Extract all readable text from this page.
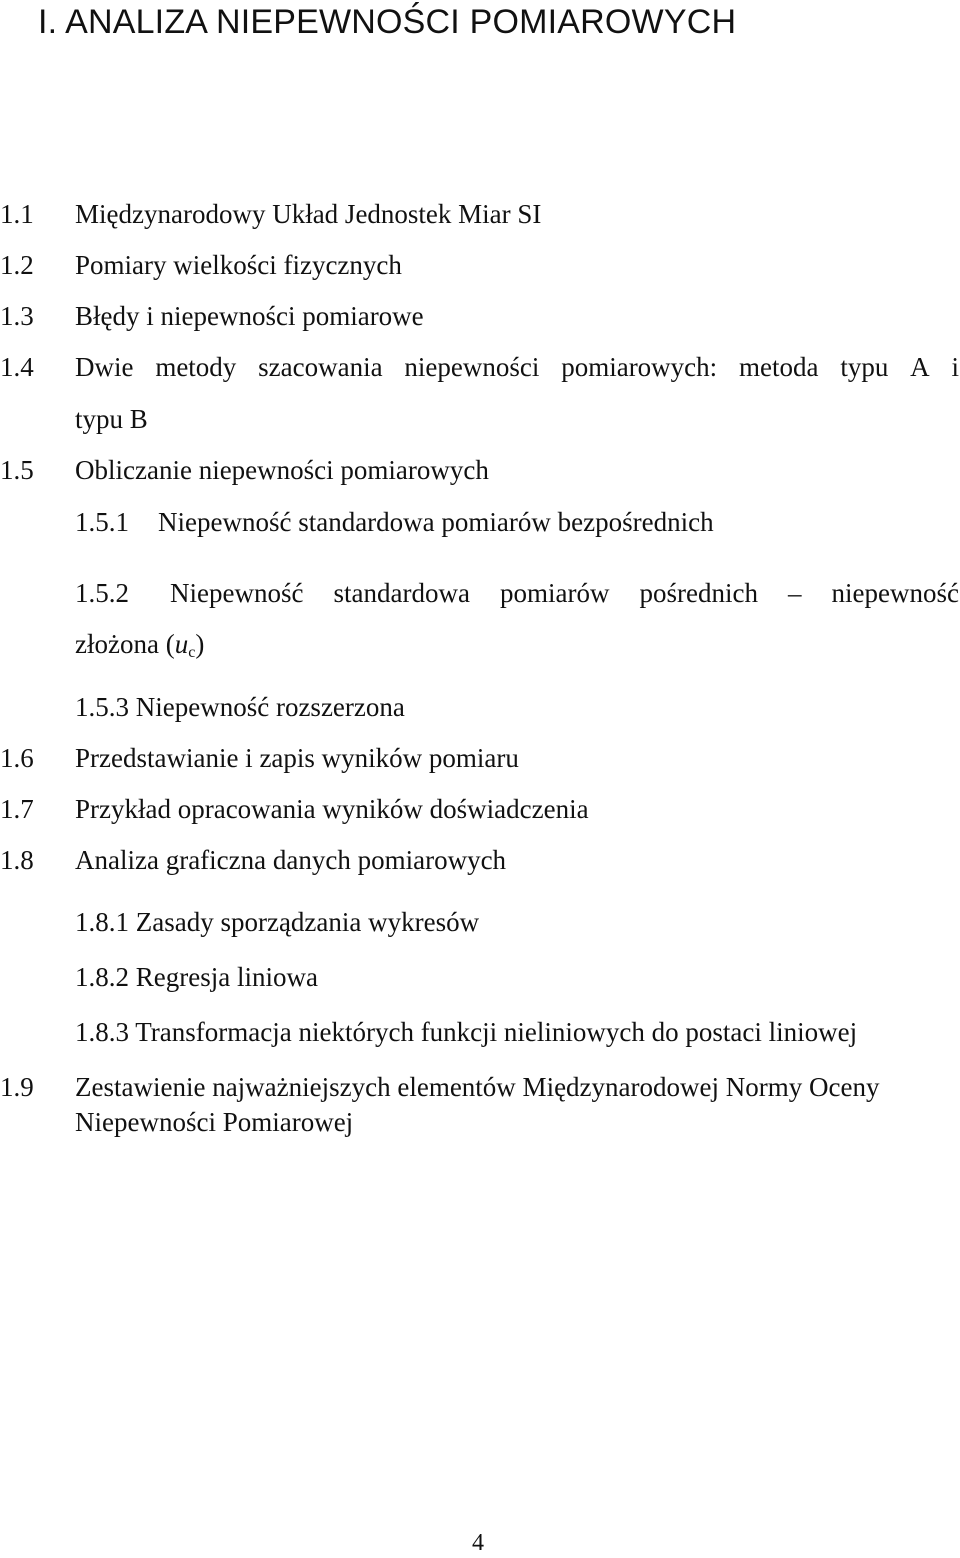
I. ANALIZA NIEPEWNOŚCI POMIAROWYCH
1.1 Międzynarodowy Układ Jednostek Miar SI
1.2 Pomiary wielkości fizycznych
1.3 Błędy i niepewności pomiarowe
1.4 Dwie metody szacowania niepewności pomiarowych: metoda typu A i
typu B
1.5 Obliczanie niepewności pomiarowych
1.5.1 Niepewność standardowa pomiarów bezpośrednich
1.5.2 Niepewność standardowa pomiarów pośrednich – niepewność
złożona $(u_c)$
1.5.3 Niepewność rozszerzona
1.6 Przedstawianie i zapis wyników pomiaru
1.7 Przykład opracowania wyników doświadczenia
1.8 Analiza graficzna danych pomiarowych
1.8.1 Zasady sporządzania wykresów
1.8.2 Regresja liniowa
1.8.3 Transformacja niektórych funkcji nieliniowych do postaci liniowej
1.9 Zestawienie najważniejszych elementów Międzynarodowej Normy Oceny
Niepewności Pomiarowej
4
